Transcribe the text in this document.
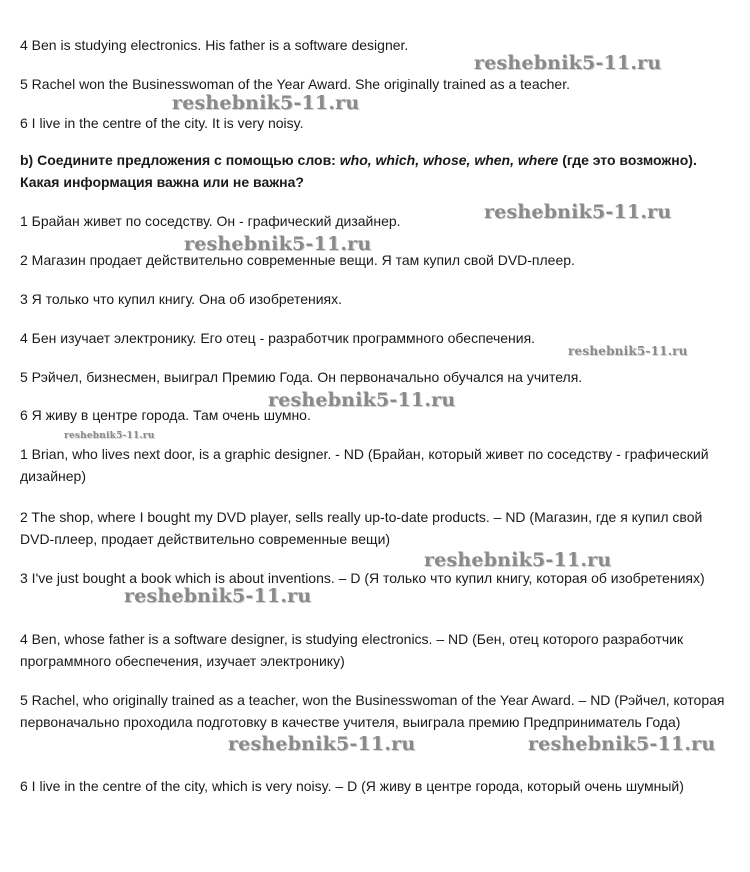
4 Ben is studying electronics. His father is a software designer.
5 Rachel won the Businesswoman of the Year Award. She originally trained as a teacher.
6 I live in the centre of the city. It is very noisy.
b) Соедините предложения с помощью слов: who, which, whose, when, where (где это возможно). Какая информация важна или не важна?
1 Брайан живет по соседству. Он - графический дизайнер.
2 Магазин продает действительно современные вещи. Я там купил свой DVD-плеер.
3 Я только что купил книгу. Она об изобретениях.
4 Бен изучает электронику. Его отец - разработчик программного обеспечения.
5 Рэйчел, бизнесмен, выиграл Премию Года. Он первоначально обучался на учителя.
6 Я живу в центре города. Там очень шумно.
1 Brian, who lives next door, is a graphic designer. - ND (Брайан, который живет по соседству - графический дизайнер)
2 The shop, where I bought my DVD player, sells really up-to-date products. – ND (Магазин, где я купил свой DVD-плеер, продает действительно современные вещи)
3 I've just bought a book which is about inventions. – D (Я только что купил книгу, которая об изобретениях)
4 Ben, whose father is a software designer, is studying electronics. – ND (Бен, отец которого разработчик программного обеспечения, изучает электронику)
5 Rachel, who originally trained as a teacher, won the Businesswoman of the Year Award. – ND (Рэйчел, которая первоначально проходила подготовку в качестве учителя, выиграла премию Предприниматель Года)
6 I live in the centre of the city, which is very noisy. – D (Я живу в центре города, который очень шумный)
reshebnik5-11.ru
reshebnik5-11.ru
reshebnik5-11.ru
reshebnik5-11.ru
reshebnik5-11.ru
reshebnik5-11.ru
reshebnik5-11.ru
reshebnik5-11.ru
reshebnik5-11.ru
reshebnik5-11.ru	reshebnik5-11.ru
